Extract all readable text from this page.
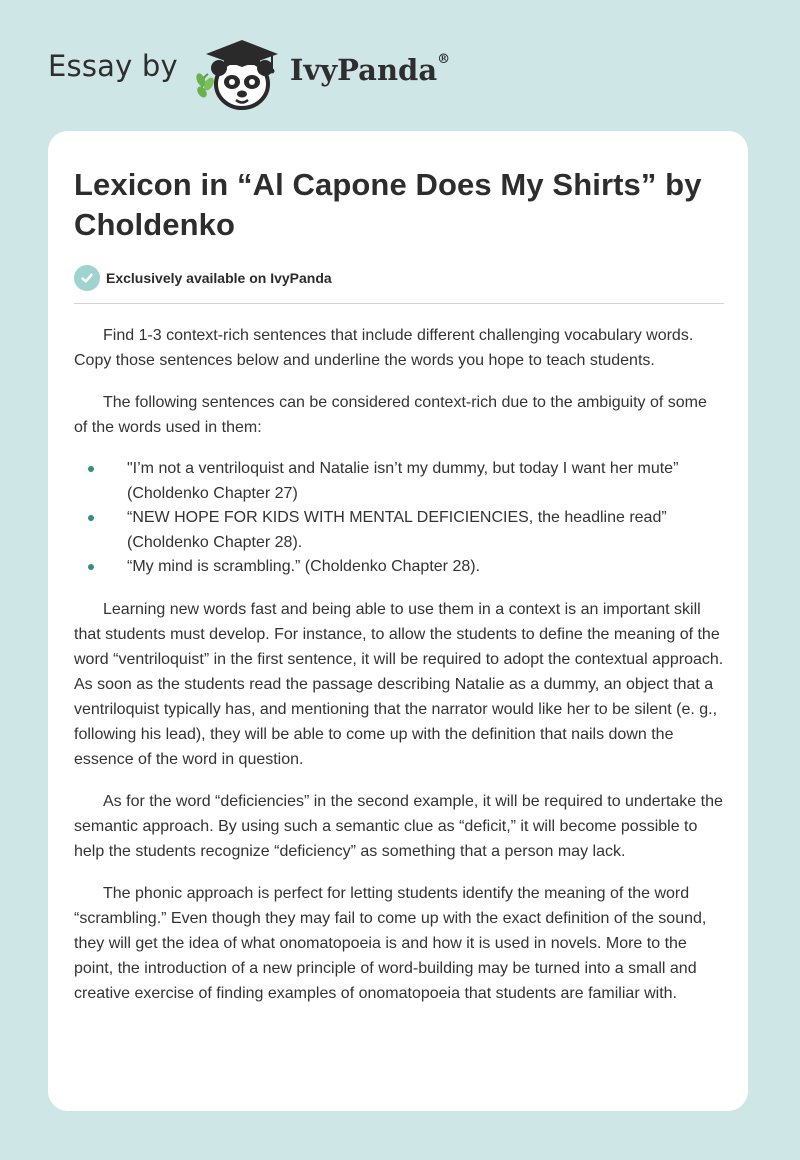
Essay by	IvyPanda®
Lexicon in “Al Capone Does My Shirts” by Choldenko
Exclusively available on IvyPanda

Find 1-3 context-rich sentences that include different challenging vocabulary words. Copy those sentences below and underline the words you hope to teach students.

The following sentences can be considered context-rich due to the ambiguity of some of the words used in them:

"I’m not a ventriloquist and Natalie isn’t my dummy, but today I want her mute” (Choldenko Chapter 27)
“NEW HOPE FOR KIDS WITH MENTAL DEFICIENCIES, the headline read” (Choldenko Chapter 28).
“My mind is scrambling.” (Choldenko Chapter 28).

Learning new words fast and being able to use them in a context is an important skill that students must develop. For instance, to allow the students to define the meaning of the word “ventriloquist” in the first sentence, it will be required to adopt the contextual approach. As soon as the students read the passage describing Natalie as a dummy, an object that a ventriloquist typically has, and mentioning that the narrator would like her to be silent (e. g., following his lead), they will be able to come up with the definition that nails down the essence of the word in question.

As for the word “deficiencies” in the second example, it will be required to undertake the semantic approach. By using such a semantic clue as “deficit,” it will become possible to help the students recognize “deficiency” as something that a person may lack.

The phonic approach is perfect for letting students identify the meaning of the word “scrambling.” Even though they may fail to come up with the exact definition of the sound, they will get the idea of what onomatopoeia is and how it is used in novels. More to the point, the introduction of a new principle of word-building may be turned into a small and creative exercise of finding examples of onomatopoeia that students are familiar with.
